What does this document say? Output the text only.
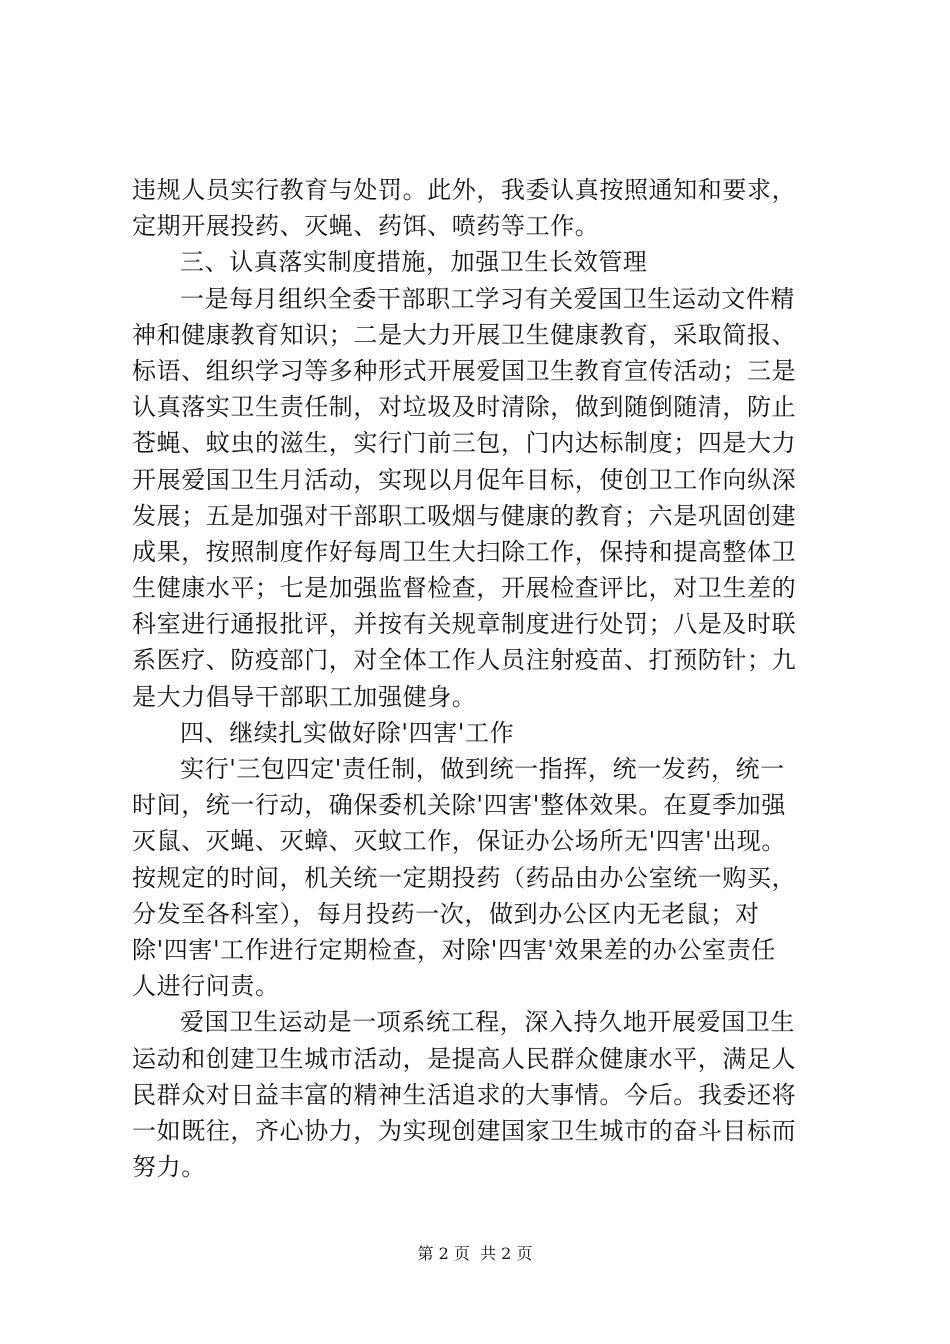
违规人员实行教育与处罚。此外，我委认真按照通知和要求，
定期开展投药、灭蝇、药饵、喷药等工作。
三、认真落实制度措施，加强卫生长效管理
一是每月组织全委干部职工学习有关爱国卫生运动文件精
神和健康教育知识；二是大力开展卫生健康教育，采取简报、
标语、组织学习等多种形式开展爱国卫生教育宣传活动；三是
认真落实卫生责任制，对垃圾及时清除，做到随倒随清，防止
苍蝇、蚊虫的滋生，实行门前三包，门内达标制度；四是大力
开展爱国卫生月活动，实现以月促年目标，使创卫工作向纵深
发展；五是加强对干部职工吸烟与健康的教育；六是巩固创建
成果，按照制度作好每周卫生大扫除工作，保持和提高整体卫
生健康水平；七是加强监督检查，开展检查评比，对卫生差的
科室进行通报批评，并按有关规章制度进行处罚；八是及时联
系医疗、防疫部门，对全体工作人员注射疫苗、打预防针；九
是大力倡导干部职工加强健身。
四、继续扎实做好除'四害'工作
实行'三包四定'责任制，做到统一指挥，统一发药，统一
时间，统一行动，确保委机关除'四害'整体效果。在夏季加强
灭鼠、灭蝇、灭蟑、灭蚊工作，保证办公场所无'四害'出现。
按规定的时间，机关统一定期投药（药品由办公室统一购买，
分发至各科室），每月投药一次，做到办公区内无老鼠；对
除'四害'工作进行定期检查，对除'四害'效果差的办公室责任
人进行问责。
爱国卫生运动是一项系统工程，深入持久地开展爱国卫生
运动和创建卫生城市活动，是提高人民群众健康水平，满足人
民群众对日益丰富的精神生活追求的大事情。今后。我委还将
一如既往，齐心协力，为实现创建国家卫生城市的奋斗目标而
努力。
第 2 页  共 2 页
